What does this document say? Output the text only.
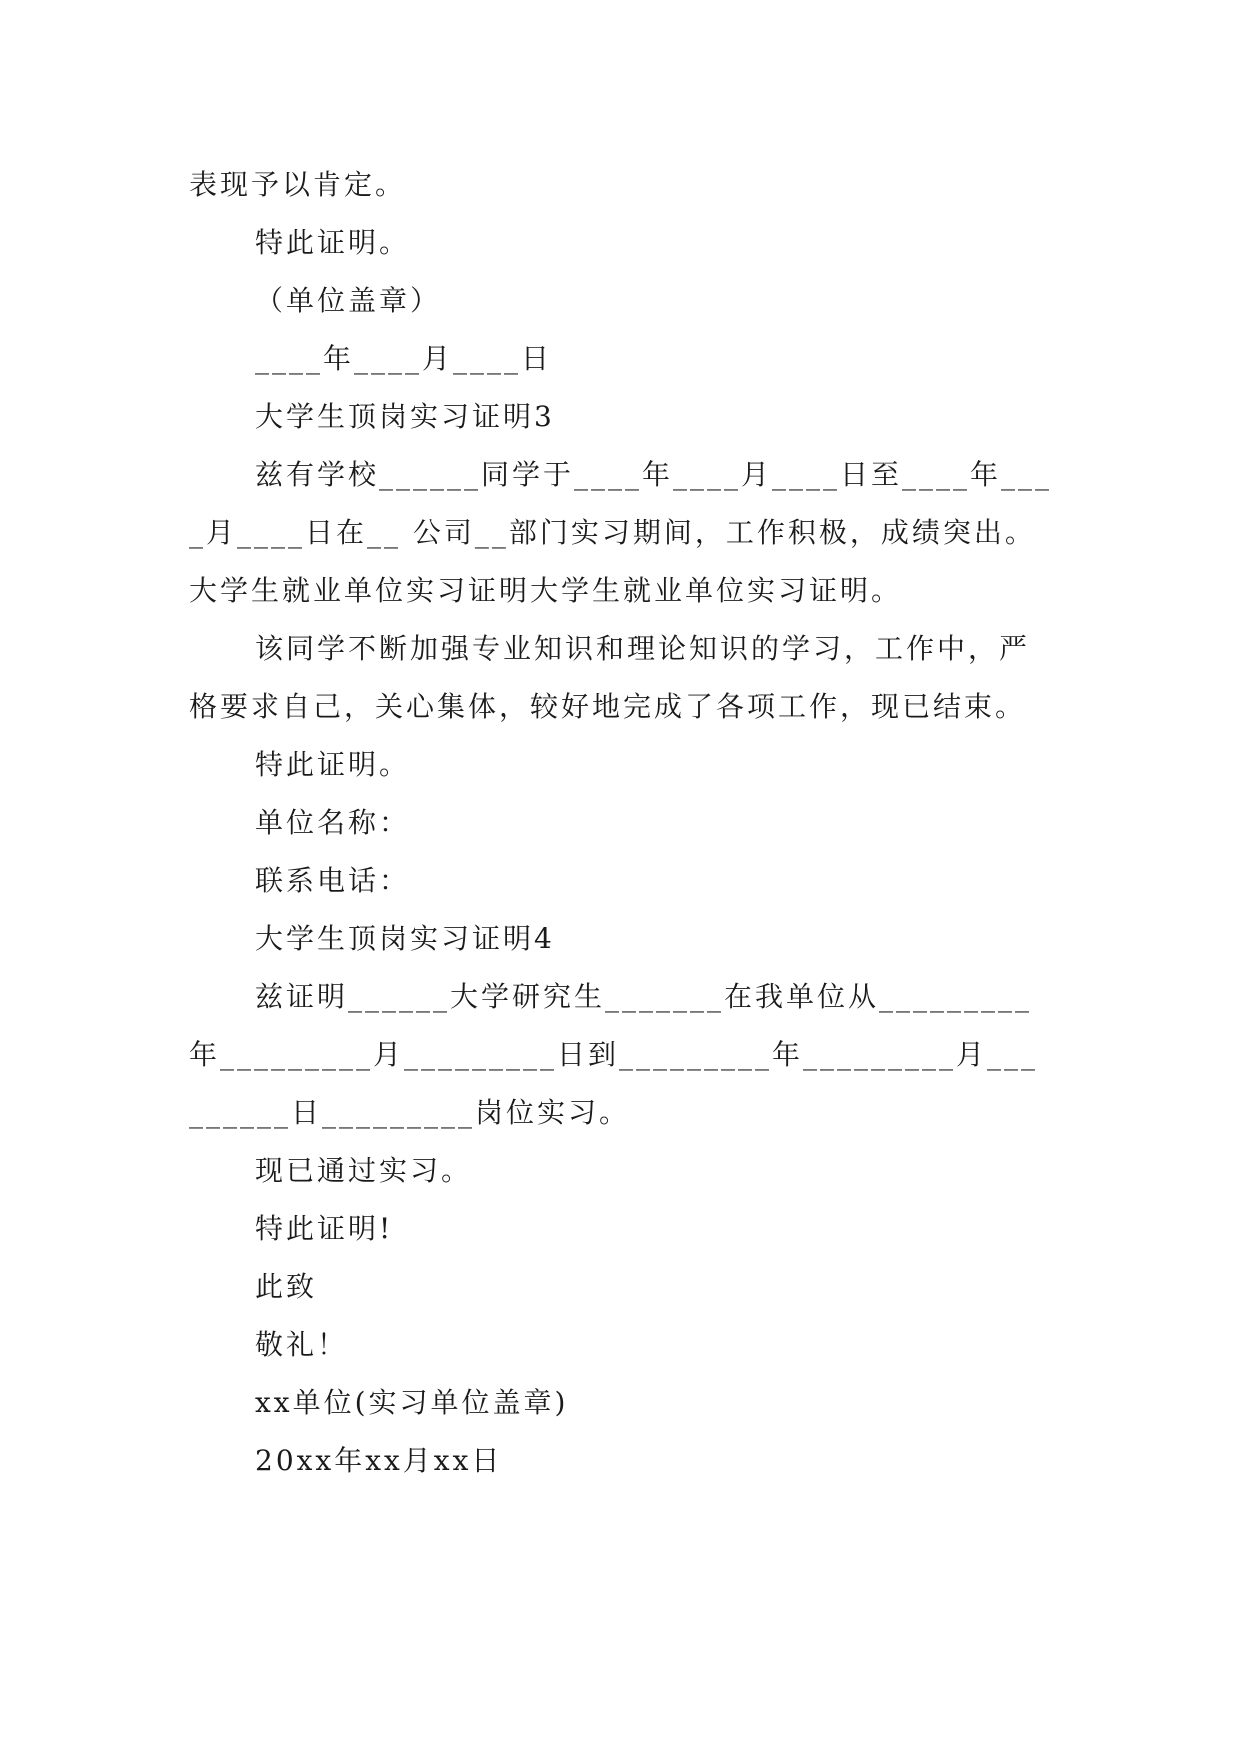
表现予以肯定。

特此证明。

（单位盖章）

____年____月____日

大学生顶岗实习证明3

兹有学校______同学于____年____月____日至____年____月____日在__ 公司__部门实习期间，工作积极，成绩突出。大学生就业单位实习证明大学生就业单位实习证明。

该同学不断加强专业知识和理论知识的学习，工作中，严格要求自己，关心集体，较好地完成了各项工作，现已结束。

特此证明。

单位名称：

联系电话：

大学生顶岗实习证明4

兹证明______大学研究生_______在我单位从_________年_________月_________日到_________年_________月_________日_________岗位实习。

现已通过实习。

特此证明!

此致

敬礼！

xx单位(实习单位盖章)

20xx年xx月xx日
